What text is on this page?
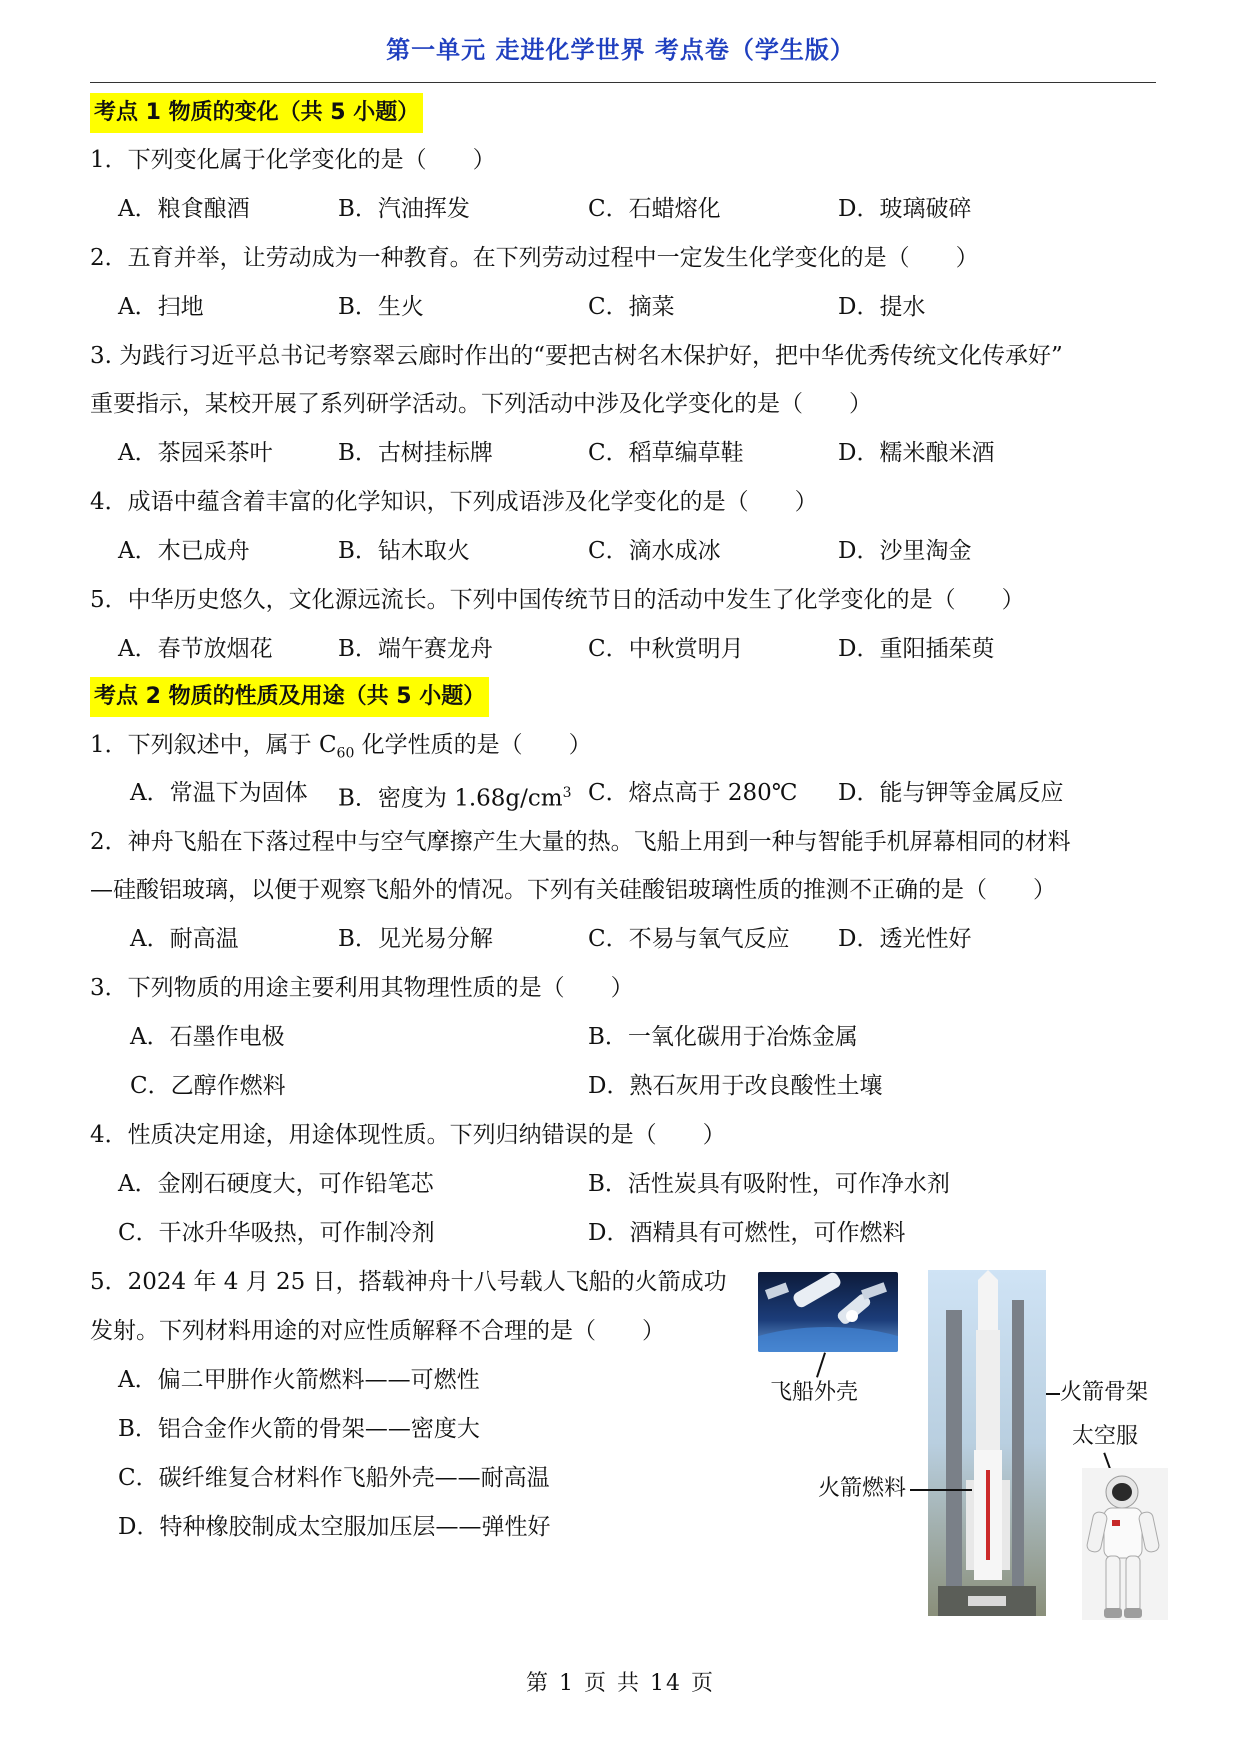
第一单元 走进化学世界 考点卷（学生版）
考点 1 物质的变化（共 5 小题）
1．下列变化属于化学变化的是（　　）
A．粮食酿酒	B．汽油挥发	C．石蜡熔化	D．玻璃破碎
2．五育并举，让劳动成为一种教育。在下列劳动过程中一定发生化学变化的是（　　）
A．扫地	B．生火	C．摘菜	D．提水
3. 为践行习近平总书记考察翠云廊时作出的“要把古树名木保护好，把中华优秀传统文化传承好”
重要指示，某校开展了系列研学活动。下列活动中涉及化学变化的是（　　）
A．茶园采茶叶	B．古树挂标牌	C．稻草编草鞋	D．糯米酿米酒
4．成语中蕴含着丰富的化学知识，下列成语涉及化学变化的是（　　）
A．木已成舟	B．钻木取火	C．滴水成冰	D．沙里淘金
5．中华历史悠久，文化源远流长。下列中国传统节日的活动中发生了化学变化的是（　　）
A．春节放烟花	B．端午赛龙舟	C．中秋赏明月	D．重阳插茱萸
考点 2 物质的性质及用途（共 5 小题）
1．下列叙述中，属于 $C_{60}$ 化学性质的是（　　）
A．常温下为固体 B．密度为 $1.68g/cm^3$ C．熔点高于 280℃ D．能与钾等金属反应
2．神舟飞船在下落过程中与空气摩擦产生大量的热。飞船上用到一种与智能手机屏幕相同的材料
—硅酸铝玻璃，以便于观察飞船外的情况。下列有关硅酸铝玻璃性质的推测不正确的是（　　）
A．耐高温	B．见光易分解	C．不易与氧气反应 D．透光性好
3．下列物质的用途主要利用其物理性质的是（　　）
A．石墨作电极	B．一氧化碳用于冶炼金属
C．乙醇作燃料	D．熟石灰用于改良酸性土壤
4．性质决定用途，用途体现性质。下列归纳错误的是（　　）
A．金刚石硬度大，可作铅笔芯	B．活性炭具有吸附性，可作净水剂
C．干冰升华吸热，可作制冷剂	D．酒精具有可燃性，可作燃料
5．2024 年 4 月 25 日，搭载神舟十八号载人飞船的火箭成功
发射。下列材料用途的对应性质解释不合理的是（　　）
A．偏二甲肼作火箭燃料——可燃性
B．铝合金作火箭的骨架——密度大
C．碳纤维复合材料作飞船外壳——耐高温
D．特种橡胶制成太空服加压层——弹性好
飞船外壳	火箭骨架
火箭燃料
太空服
第 1 页 共 14 页
